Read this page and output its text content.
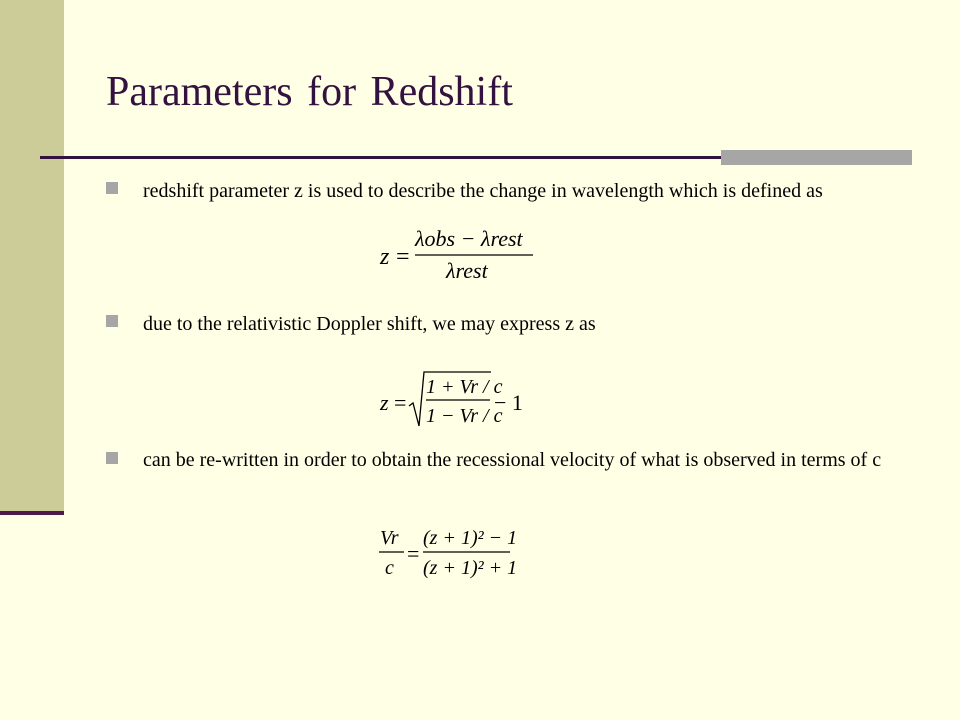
Parameters for Redshift
redshift parameter z is used to describe the change in wavelength which is defined as
z =
λobs − λrest
λrest
due to the relativistic Doppler shift, we may express z as
z =
1 + Vr / c
1 − Vr / c
− 1
can be re-written in order to obtain the recessional velocity of what is observed in terms of c
Vr
c
=
(z + 1)² − 1
(z + 1)² + 1
